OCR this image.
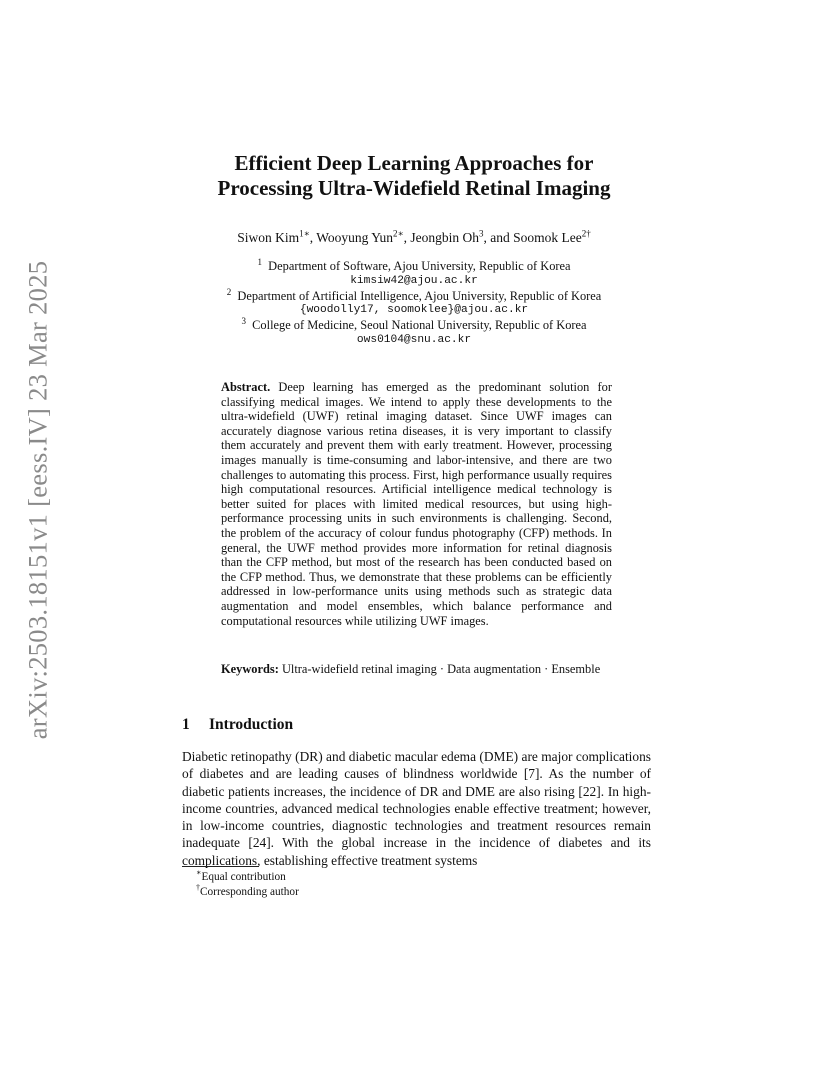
arXiv:2503.18151v1 [eess.IV] 23 Mar 2025
Efficient Deep Learning Approaches for
Processing Ultra-Widefield Retinal Imaging
Siwon Kim$^{1∗}$, Wooyung Yun$^{2∗}$, Jeongbin Oh$^3$, and Soomok Lee$^{2\dagger}$
$^1$ Department of Software, Ajou University, Republic of Korea
kimsiw42@ajou.ac.kr
$^2$ Department of Artificial Intelligence, Ajou University, Republic of Korea
{woodolly17, soomoklee}@ajou.ac.kr
$^3$ College of Medicine, Seoul National University, Republic of Korea
ows0104@snu.ac.kr
Abstract. Deep learning has emerged as the predominant solution for classifying medical images. We intend to apply these developments to the ultra-widefield (UWF) retinal imaging dataset. Since UWF images can accurately diagnose various retina diseases, it is very important to classify them accurately and prevent them with early treatment. However, processing images manually is time-consuming and labor-intensive, and there are two challenges to automating this process. First, high performance usually requires high computational resources. Artificial intelligence medical technology is better suited for places with limited medical resources, but using high-performance processing units in such environments is challenging. Second, the problem of the accuracy of colour fundus photography (CFP) methods. In general, the UWF method provides more information for retinal diagnosis than the CFP method, but most of the research has been conducted based on the CFP method. Thus, we demonstrate that these problems can be efficiently addressed in low-performance units using methods such as strategic data augmentation and model ensembles, which balance performance and computational resources while utilizing UWF images.
Keywords: Ultra-widefield retinal imaging · Data augmentation · Ensemble
1 Introduction
Diabetic retinopathy (DR) and diabetic macular edema (DME) are major complications of diabetes and are leading causes of blindness worldwide [7]. As the number of diabetic patients increases, the incidence of DR and DME are also rising [22]. In high-income countries, advanced medical technologies enable effective treatment; however, in low-income countries, diagnostic technologies and treatment resources remain inadequate [24]. With the global increase in the incidence of diabetes and its complications, establishing effective treatment systems
∗Equal contribution
†Corresponding author
